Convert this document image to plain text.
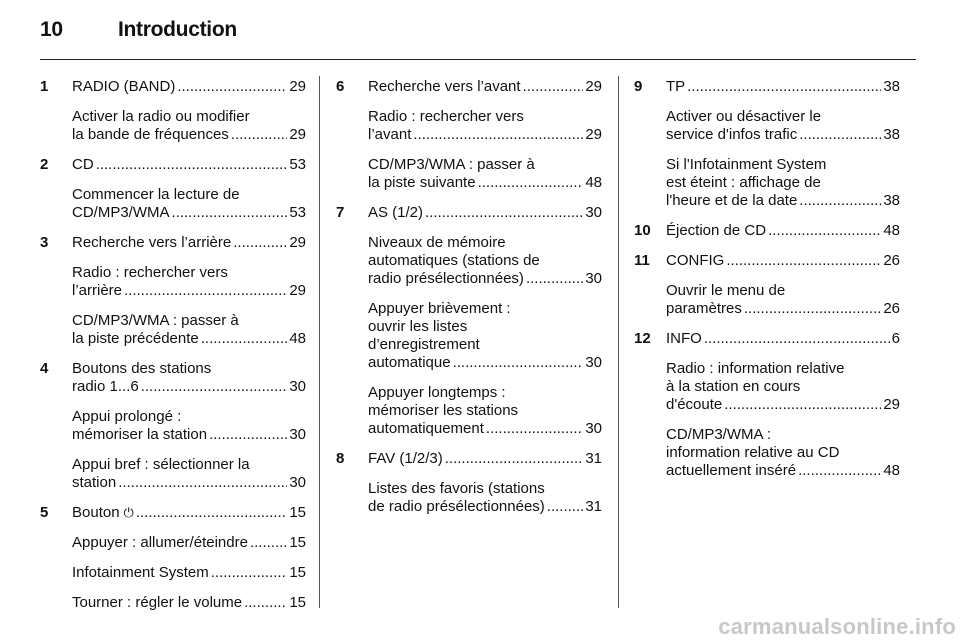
10	Introduction
1 RADIO (BAND) .....	29
Activer la radio ou modifier
la bande de fréquences .....	29
2 CD .....	53
Commencer la lecture de
CD/MP3/WMA .....	53
3 Recherche vers l’arrière .....	29
Radio : rechercher vers
l’arrière .....	29
CD/MP3/WMA : passer à
la piste précédente .....	48
4 Boutons des stations
radio 1...6 .....	30
Appui prolongé :
mémoriser la station .....	30
Appui bref : sélectionner la
station .....	30
5 Bouton ⏻ .....	15
Appuyer : allumer/éteindre .....	15
Infotainment System .....	15
Tourner : régler le volume .....	15
6 Recherche vers l’avant .....	29
Radio : rechercher vers
l’avant .....	29
CD/MP3/WMA : passer à
la piste suivante .....	48
7 AS (1/2) .....	30
Niveaux de mémoire
automatiques (stations de
radio présélectionnées) .....	30
Appuyer brièvement :
ouvrir les listes
d’enregistrement
automatique .....	30
Appuyer longtemps :
mémoriser les stations
automatiquement .....	30
8 FAV (1/2/3) .....	31
Listes des favoris (stations
de radio présélectionnées) .....	31
9 TP .....	38
Activer ou désactiver le
service d'infos trafic .....	38
Si l'Infotainment System
est éteint : affichage de
l'heure et de la date .....	38
10 Éjection de CD .....	48
11 CONFIG .....	26
Ouvrir le menu de
paramètres .....	26
12 INFO .....	6
Radio : information relative
à la station en cours
d'écoute .....	29
CD/MP3/WMA :
information relative au CD
actuellement inséré .....	48
carmanualsonline.info
